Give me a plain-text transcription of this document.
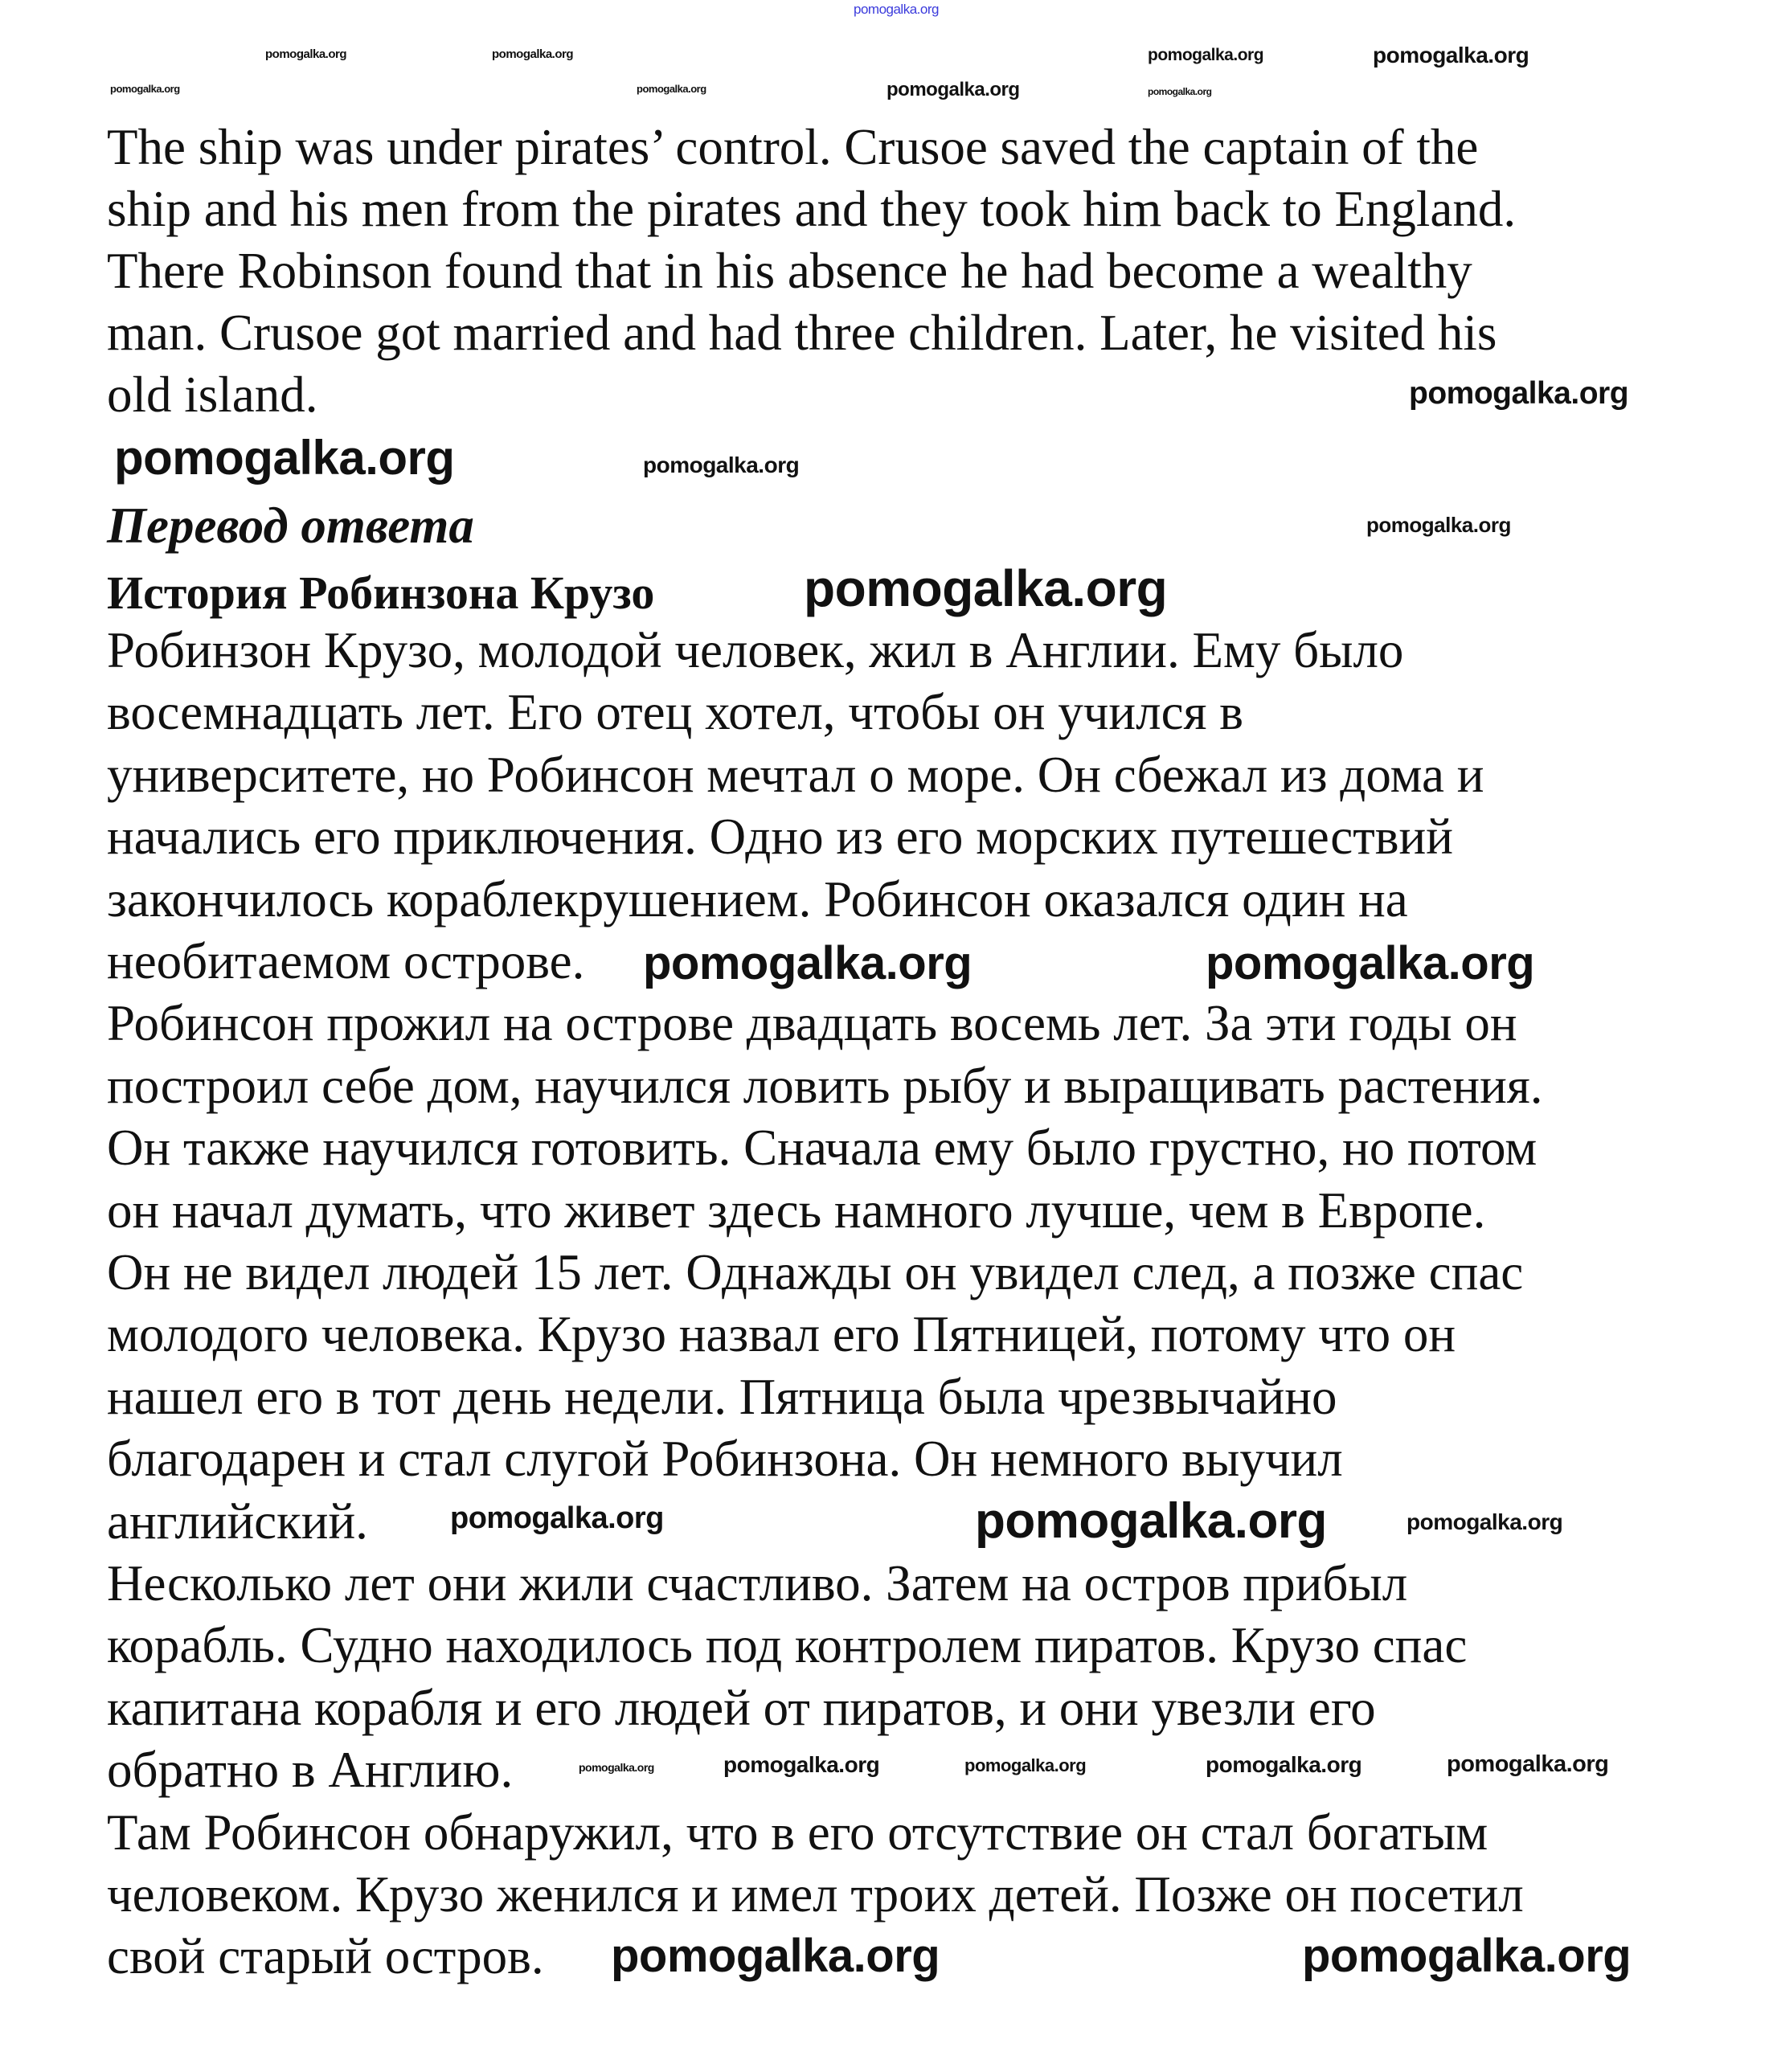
Перевод ответа
История Робинзона Крузо
The ship was under pirates’ control. Crusoe saved the captain of the
ship and his men from the pirates and they took him back to England.
There Robinson found that in his absence he had become a wealthy
man. Crusoe got married and had three children. Later, he visited his
old island.
Робинзон Крузо, молодой человек, жил в Англии. Ему было
восемнадцать лет. Его отец хотел, чтобы он учился в
университете, но Робинсон мечтал о море. Он сбежал из дома и
начались его приключения. Одно из его морских путешествий
закончилось кораблекрушением. Робинсон оказался один на
необитаемом острове.
Робинсон прожил на острове двадцать восемь лет. За эти годы он
построил себе дом, научился ловить рыбу и выращивать растения.
Он также научился готовить. Сначала ему было грустно, но потом
он начал думать, что живет здесь намного лучше, чем в Европе.
Он не видел людей 15 лет. Однажды он увидел след, а позже спас
молодого человека. Крузо назвал его Пятницей, потому что он
нашел его в тот день недели. Пятница была чрезвычайно
благодарен и стал слугой Робинзона. Он немного выучил
английский.
Несколько лет они жили счастливо. Затем на остров прибыл
корабль. Судно находилось под контролем пиратов. Крузо спас
капитана корабля и его людей от пиратов, и они увезли его
обратно в Англию.
Там Робинсон обнаружил, что в его отсутствие он стал богатым
человеком. Крузо женился и имел троих детей. Позже он посетил
свой старый остров.
pomogalka.org
pomogalka.org	pomogalka.org	pomogalka.org	pomogalka.org
pomogalka.org	pomogalka.org	pomogalka.org	pomogalka.org
pomogalka.org
pomogalka.org	pomogalka.org
pomogalka.org
pomogalka.org
pomogalka.org	pomogalka.org
pomogalka.org	pomogalka.org	pomogalka.org
pomogalka.org	pomogalka.org	pomogalka.org	pomogalka.org	pomogalka.org
pomogalka.org	pomogalka.org
